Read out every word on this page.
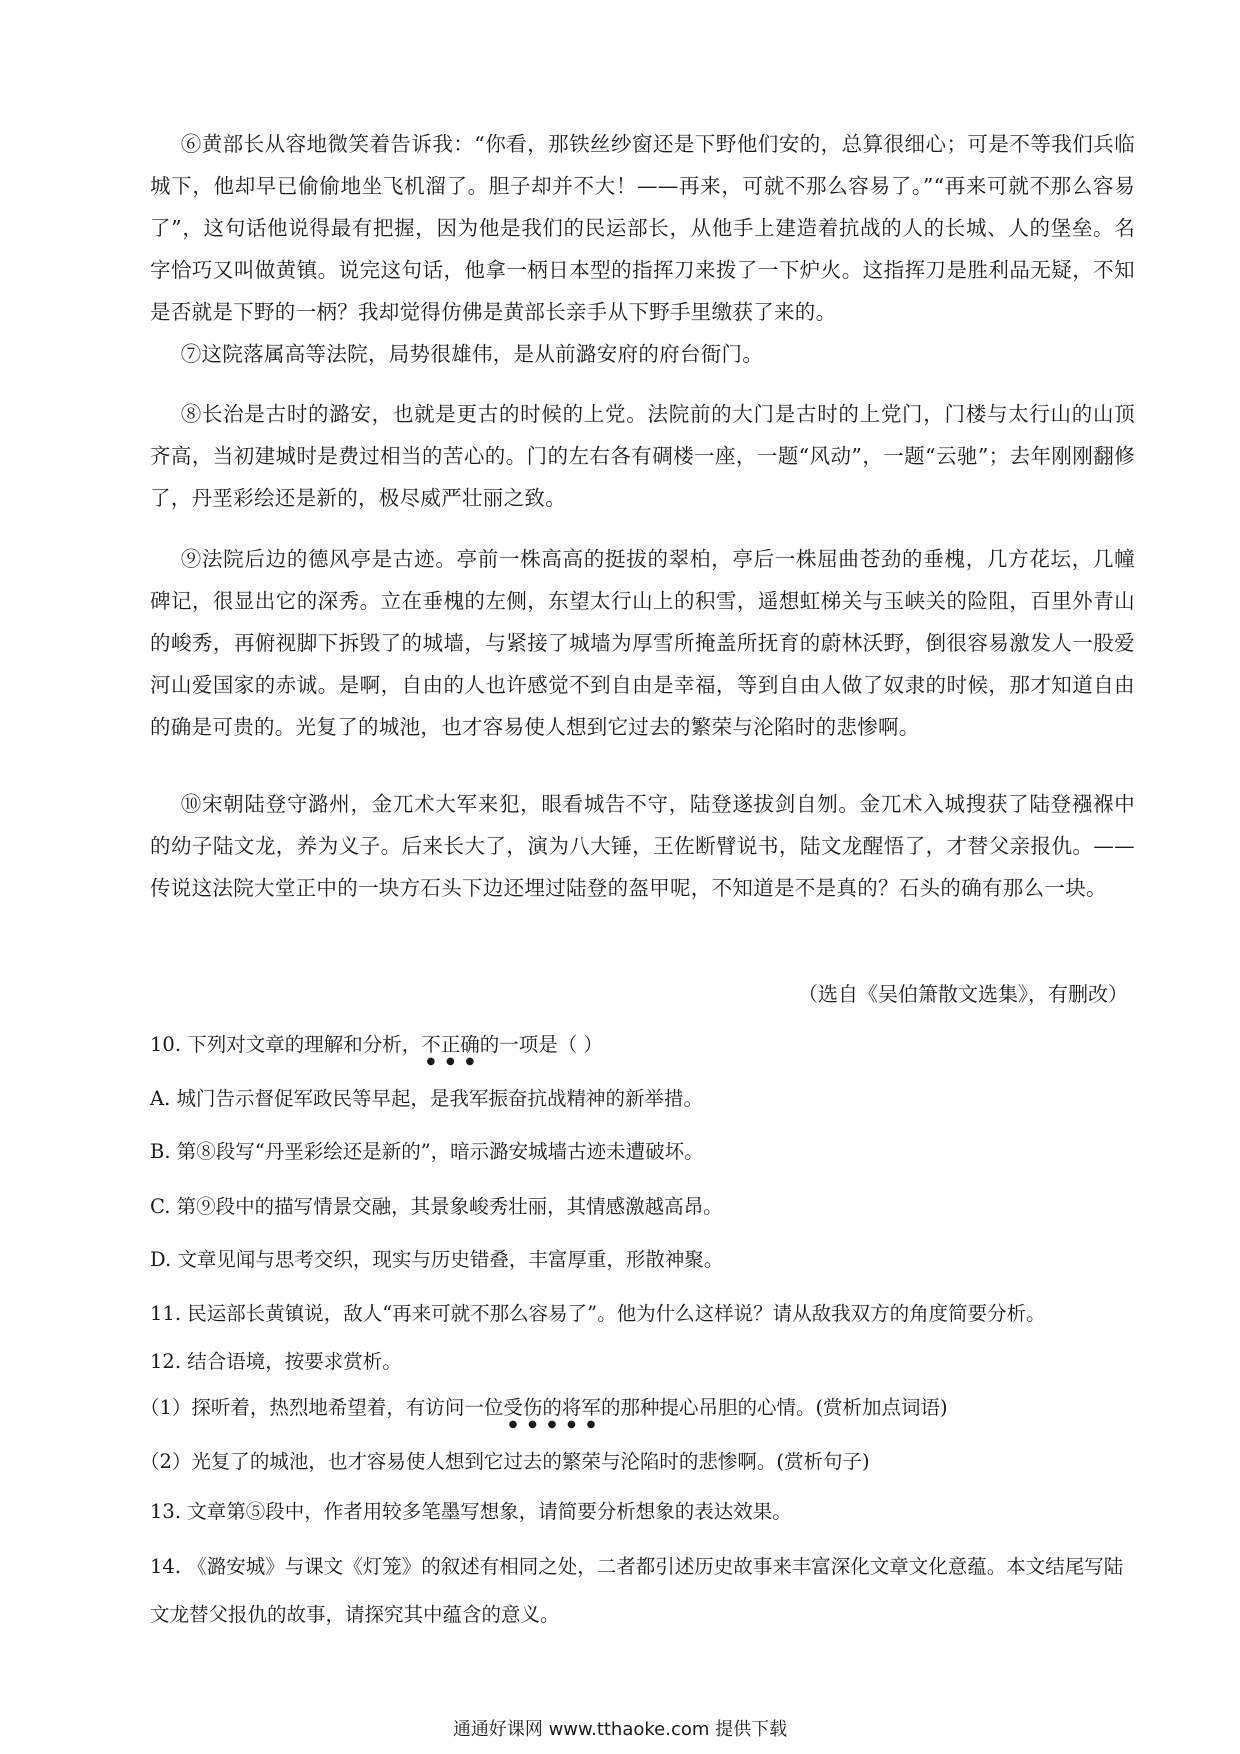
⑥黄部长从容地微笑着告诉我：“你看，那铁丝纱窗还是下野他们安的，总算很细心；可是不等我们兵临城下，他却早已偷偷地坐飞机溜了。胆子却并不大！——再来，可就不那么容易了。”“再来可就不那么容易了”，这句话他说得最有把握，因为他是我们的民运部长，从他手上建造着抗战的人的长城、人的堡垒。名字恰巧又叫做黄镇。说完这句话，他拿一柄日本型的指挥刀来拨了一下炉火。这指挥刀是胜利品无疑，不知是否就是下野的一柄？我却觉得仿佛是黄部长亲手从下野手里缴获了来的。

⑦这院落属高等法院，局势很雄伟，是从前潞安府的府台衙门。

⑧长治是古时的潞安，也就是更古的时候的上党。法院前的大门是古时的上党门，门楼与太行山的山顶齐高，当初建城时是费过相当的苦心的。门的左右各有碉楼一座，一题“风动”，一题“云驰”；去年刚刚翻修了，丹垩彩绘还是新的，极尽威严壮丽之致。

⑨法院后边的德风亭是古迹。亭前一株高高的挺拔的翠柏，亭后一株屈曲苍劲的垂槐，几方花坛，几幢碑记，很显出它的深秀。立在垂槐的左侧，东望太行山上的积雪，遥想虹梯关与玉峡关的险阻，百里外青山的峻秀，再俯视脚下拆毁了的城墙，与紧接了城墙为厚雪所掩盖所抚育的蔚林沃野，倒很容易激发人一股爱河山爱国家的赤诚。是啊，自由的人也许感觉不到自由是幸福，等到自由人做了奴隶的时候，那才知道自由的确是可贵的。光复了的城池，也才容易使人想到它过去的繁荣与沦陷时的悲惨啊。

⑩宋朝陆登守潞州，金兀术大军来犯，眼看城告不守，陆登遂拔剑自刎。金兀术入城搜获了陆登襁褓中的幼子陆文龙，养为义子。后来长大了，演为八大锤，王佐断臂说书，陆文龙醒悟了，才替父亲报仇。——传说这法院大堂正中的一块方石头下边还埋过陆登的盔甲呢，不知道是不是真的？石头的确有那么一块。

（选自《吴伯箫散文选集》，有删改）

10. 下列对文章的理解和分析，不正确的一项是（ ）

A. 城门告示督促军政民等早起，是我军振奋抗战精神的新举措。

B. 第⑧段写“丹垩彩绘还是新的”，暗示潞安城墙古迹未遭破坏。

C. 第⑨段中的描写情景交融，其景象峻秀壮丽，其情感激越高昂。

D. 文章见闻与思考交织，现实与历史错叠，丰富厚重，形散神聚。

11. 民运部长黄镇说，敌人“再来可就不那么容易了”。他为什么这样说？请从敌我双方的角度简要分析。

12. 结合语境，按要求赏析。

（1）探听着，热烈地希望着，有访问一位受伤的将军的那种提心吊胆的心情。(赏析加点词语)

（2）光复了的城池，也才容易使人想到它过去的繁荣与沦陷时的悲惨啊。(赏析句子)

13. 文章第⑤段中，作者用较多笔墨写想象，请简要分析想象的表达效果。

14. 《潞安城》与课文《灯笼》的叙述有相同之处，二者都引述历史故事来丰富深化文章文化意蕴。本文结尾写陆文龙替父报仇的故事，请探究其中蕴含的意义。

通通好课网 www.tthaoke.com 提供下载
